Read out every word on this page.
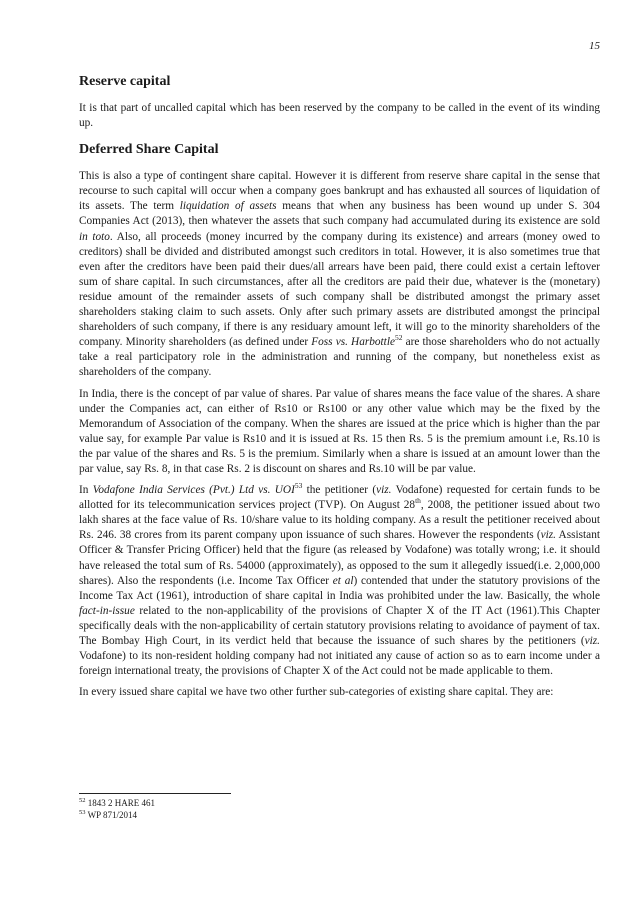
15
Reserve capital

It is that part of uncalled capital which has been reserved by the company to be called in the event of its winding up.

Deferred Share Capital

This is also a type of contingent share capital. However it is different from reserve share capital in the sense that recourse to such capital will occur when a company goes bankrupt and has exhausted all sources of liquidation of its assets. The term liquidation of assets means that when any business has been wound up under S. 304 Companies Act (2013), then whatever the assets that such company had accumulated during its existence are sold in toto. Also, all proceeds (money incurred by the company during its existence) and arrears (money owed to creditors) shall be divided and distributed amongst such creditors in total. However, it is also sometimes true that even after the creditors have been paid their dues/all arrears have been paid, there could exist a certain leftover sum of share capital. In such circumstances, after all the creditors are paid their due, whatever is the (monetary) residue amount of the remainder assets of such company shall be distributed amongst the primary asset shareholders staking claim to such assets. Only after such primary assets are distributed amongst the principal shareholders of such company, if there is any residuary amount left, it will go to the minority shareholders of the company. Minority shareholders (as defined under Foss vs. Harbottle$^{52}$ are those shareholders who do not actually take a real participatory role in the administration and running of the company, but nonetheless exist as shareholders of the company.

In India, there is the concept of par value of shares. Par value of shares means the face value of the shares. A share under the Companies act, can either of Rs10 or Rs100 or any other value which may be the fixed by the Memorandum of Association of the company. When the shares are issued at the price which is higher than the par value say, for example Par value is Rs10 and it is issued at Rs. 15 then Rs. 5 is the premium amount i.e, Rs.10 is the par value of the shares and Rs. 5 is the premium. Similarly when a share is issued at an amount lower than the par value, say Rs. 8, in that case Rs. 2 is discount on shares and Rs.10 will be par value.

In Vodafone India Services (Pvt.) Ltd vs. UOI$^{53}$ the petitioner (viz. Vodafone) requested for certain funds to be allotted for its telecommunication services project (TVP). On August 28th, 2008, the petitioner issued about two lakh shares at the face value of Rs. 10/share value to its holding company. As a result the petitioner received about Rs. 246. 38 crores from its parent company upon issuance of such shares. However the respondents (viz. Assistant Officer & Transfer Pricing Officer) held that the figure (as released by Vodafone) was totally wrong; i.e. it should have released the total sum of Rs. 54000 (approximately), as opposed to the sum it allegedly issued(i.e. 2,000,000 shares). Also the respondents (i.e. Income Tax Officer et al) contended that under the statutory provisions of the Income Tax Act (1961), introduction of share capital in India was prohibited under the law. Basically, the whole fact-in-issue related to the non-applicability of the provisions of Chapter X of the IT Act (1961).This Chapter specifically deals with the non-applicability of certain statutory provisions relating to avoidance of payment of tax. The Bombay High Court, in its verdict held that because the issuance of such shares by the petitioners (viz. Vodafone) to its non-resident holding company had not initiated any cause of action so as to earn income under a foreign international treaty, the provisions of Chapter X of the Act could not be made applicable to them.

In every issued share capital we have two other further sub-categories of existing share capital. They are:

$^{52}$ 1843 2 HARE 461
$^{53}$ WP 871/2014
